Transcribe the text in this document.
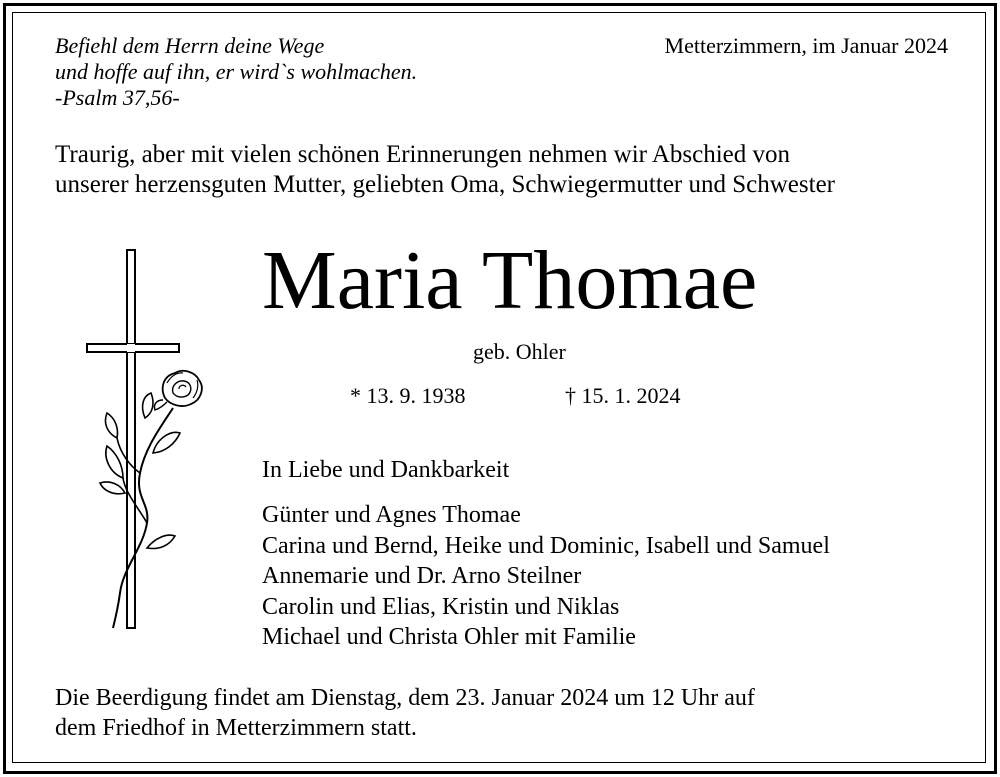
Befiehl dem Herrn deine Wege
und hoffe auf ihn, er wird`s wohlmachen.
-Psalm 37,56-
Metterzimmern, im Januar 2024
Traurig, aber mit vielen schönen Erinnerungen nehmen wir Abschied von
unserer herzensguten Mutter, geliebten Oma, Schwiegermutter und Schwester
Maria Thomae
geb. Ohler
* 13. 9. 1938	† 15. 1. 2024
In Liebe und Dankbarkeit
Günter und Agnes Thomae
Carina und Bernd, Heike und Dominic, Isabell und Samuel
Annemarie und Dr. Arno Steilner
Carolin und Elias, Kristin und Niklas
Michael und Christa Ohler mit Familie
Die Beerdigung findet am Dienstag, dem 23. Januar 2024 um 12 Uhr auf
dem Friedhof in Metterzimmern statt.
